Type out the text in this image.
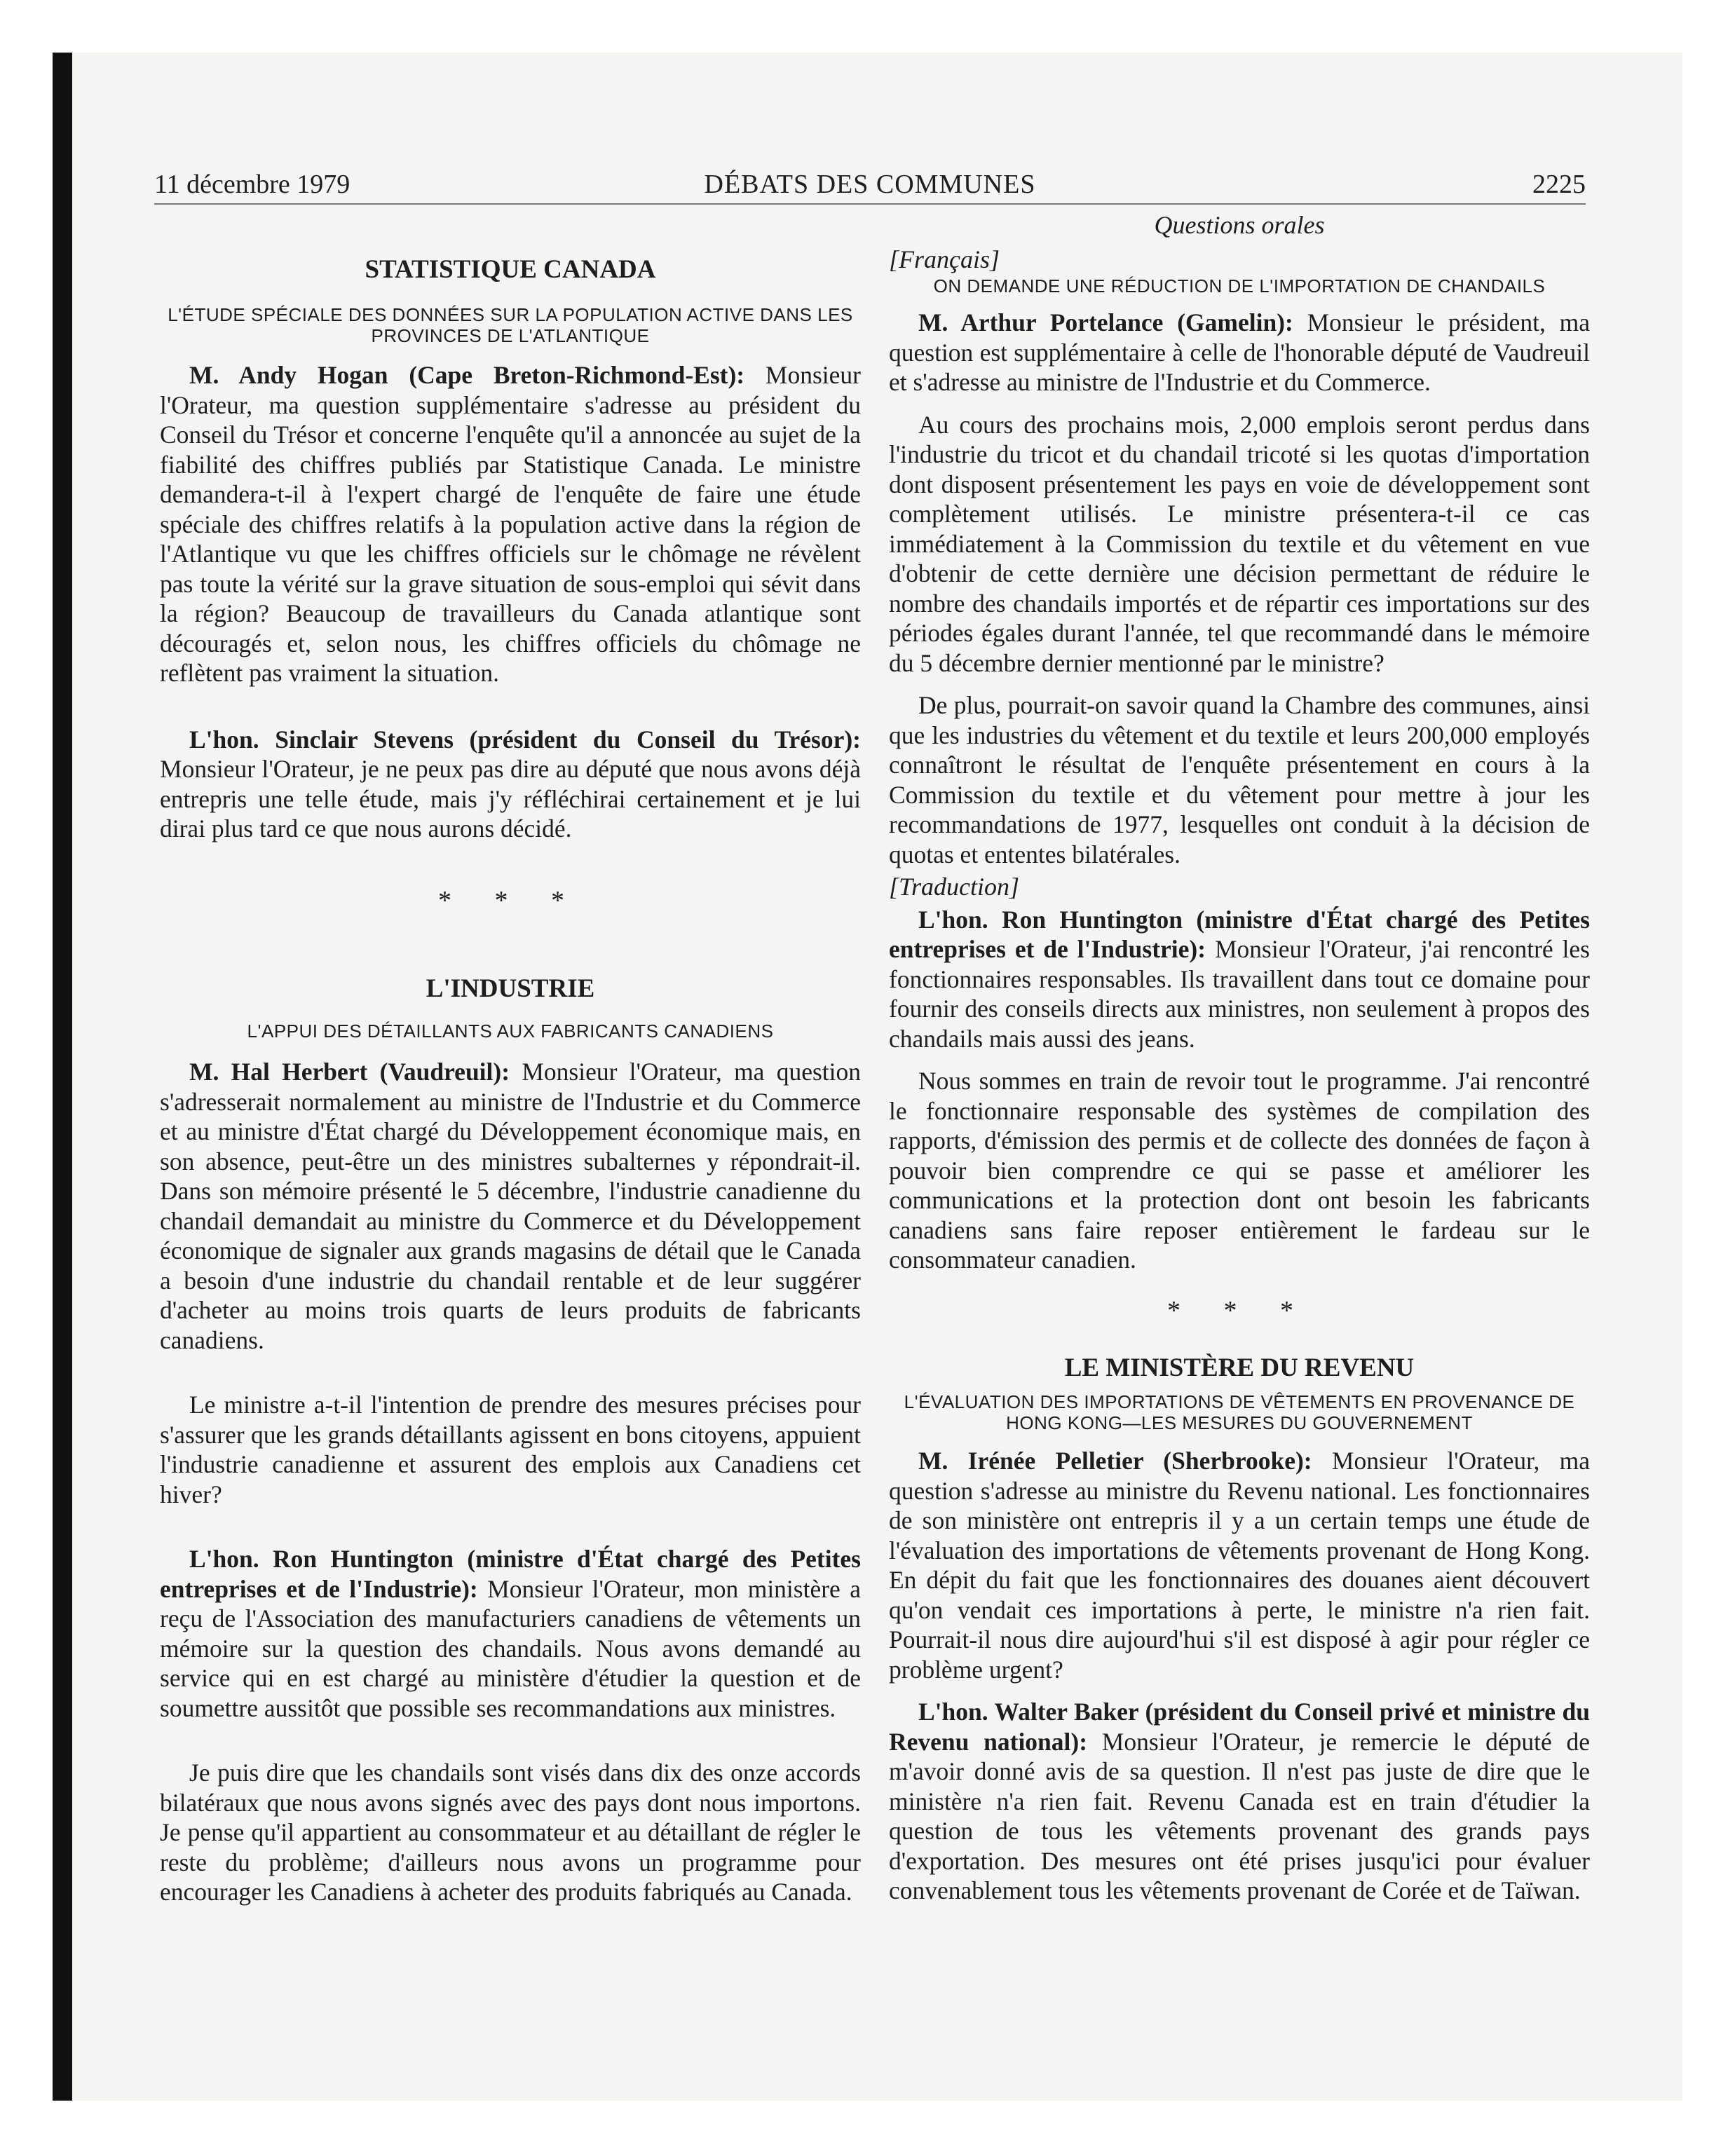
11 décembre 1979	DÉBATS DES COMMUNES	2225

STATISTIQUE CANADA

L'ÉTUDE SPÉCIALE DES DONNÉES SUR LA POPULATION ACTIVE DANS LES PROVINCES DE L'ATLANTIQUE

M. Andy Hogan (Cape Breton-Richmond-Est): Monsieur l'Orateur, ma question supplémentaire s'adresse au président du Conseil du Trésor et concerne l'enquête qu'il a annoncée au sujet de la fiabilité des chiffres publiés par Statistique Canada. Le ministre demandera-t-il à l'expert chargé de l'enquête de faire une étude spéciale des chiffres relatifs à la population active dans la région de l'Atlantique vu que les chiffres officiels sur le chômage ne révèlent pas toute la vérité sur la grave situation de sous-emploi qui sévit dans la région? Beaucoup de travailleurs du Canada atlantique sont découragés et, selon nous, les chiffres officiels du chômage ne reflètent pas vraiment la situation.

L'hon. Sinclair Stevens (président du Conseil du Trésor): Monsieur l'Orateur, je ne peux pas dire au député que nous avons déjà entrepris une telle étude, mais j'y réfléchirai certainement et je lui dirai plus tard ce que nous aurons décidé.

* * *

L'INDUSTRIE

L'APPUI DES DÉTAILLANTS AUX FABRICANTS CANADIENS

M. Hal Herbert (Vaudreuil): Monsieur l'Orateur, ma question s'adresserait normalement au ministre de l'Industrie et du Commerce et au ministre d'État chargé du Développement économique mais, en son absence, peut-être un des ministres subalternes y répondrait-il. Dans son mémoire présenté le 5 décembre, l'industrie canadienne du chandail demandait au ministre du Commerce et du Développement économique de signaler aux grands magasins de détail que le Canada a besoin d'une industrie du chandail rentable et de leur suggérer d'acheter au moins trois quarts de leurs produits de fabricants canadiens.

Le ministre a-t-il l'intention de prendre des mesures précises pour s'assurer que les grands détaillants agissent en bons citoyens, appuient l'industrie canadienne et assurent des emplois aux Canadiens cet hiver?

L'hon. Ron Huntington (ministre d'État chargé des Petites entreprises et de l'Industrie): Monsieur l'Orateur, mon ministère a reçu de l'Association des manufacturiers canadiens de vêtements un mémoire sur la question des chandails. Nous avons demandé au service qui en est chargé au ministère d'étudier la question et de soumettre aussitôt que possible ses recommandations aux ministres.

Je puis dire que les chandails sont visés dans dix des onze accords bilatéraux que nous avons signés avec des pays dont nous importons. Je pense qu'il appartient au consommateur et au détaillant de régler le reste du problème; d'ailleurs nous avons un programme pour encourager les Canadiens à acheter des produits fabriqués au Canada.

Questions orales

[Français]

ON DEMANDE UNE RÉDUCTION DE L'IMPORTATION DE CHANDAILS

M. Arthur Portelance (Gamelin): Monsieur le président, ma question est supplémentaire à celle de l'honorable député de Vaudreuil et s'adresse au ministre de l'Industrie et du Commerce.

Au cours des prochains mois, 2,000 emplois seront perdus dans l'industrie du tricot et du chandail tricoté si les quotas d'importation dont disposent présentement les pays en voie de développement sont complètement utilisés. Le ministre présentera-t-il ce cas immédiatement à la Commission du textile et du vêtement en vue d'obtenir de cette dernière une décision permettant de réduire le nombre des chandails importés et de répartir ces importations sur des périodes égales durant l'année, tel que recommandé dans le mémoire du 5 décembre dernier mentionné par le ministre?

De plus, pourrait-on savoir quand la Chambre des communes, ainsi que les industries du vêtement et du textile et leurs 200,000 employés connaîtront le résultat de l'enquête présentement en cours à la Commission du textile et du vêtement pour mettre à jour les recommandations de 1977, lesquelles ont conduit à la décision de quotas et ententes bilatérales.

[Traduction]

L'hon. Ron Huntington (ministre d'État chargé des Petites entreprises et de l'Industrie): Monsieur l'Orateur, j'ai rencontré les fonctionnaires responsables. Ils travaillent dans tout ce domaine pour fournir des conseils directs aux ministres, non seulement à propos des chandails mais aussi des jeans.

Nous sommes en train de revoir tout le programme. J'ai rencontré le fonctionnaire responsable des systèmes de compilation des rapports, d'émission des permis et de collecte des données de façon à pouvoir bien comprendre ce qui se passe et améliorer les communications et la protection dont ont besoin les fabricants canadiens sans faire reposer entièrement le fardeau sur le consommateur canadien.

* * *

LE MINISTÈRE DU REVENU

L'ÉVALUATION DES IMPORTATIONS DE VÊTEMENTS EN PROVENANCE DE HONG KONG—LES MESURES DU GOUVERNEMENT

M. Irénée Pelletier (Sherbrooke): Monsieur l'Orateur, ma question s'adresse au ministre du Revenu national. Les fonctionnaires de son ministère ont entrepris il y a un certain temps une étude de l'évaluation des importations de vêtements provenant de Hong Kong. En dépit du fait que les fonctionnaires des douanes aient découvert qu'on vendait ces importations à perte, le ministre n'a rien fait. Pourrait-il nous dire aujourd'hui s'il est disposé à agir pour régler ce problème urgent?

L'hon. Walter Baker (président du Conseil privé et ministre du Revenu national): Monsieur l'Orateur, je remercie le député de m'avoir donné avis de sa question. Il n'est pas juste de dire que le ministère n'a rien fait. Revenu Canada est en train d'étudier la question de tous les vêtements provenant des grands pays d'exportation. Des mesures ont été prises jusqu'ici pour évaluer convenablement tous les vêtements provenant de Corée et de Taïwan.
